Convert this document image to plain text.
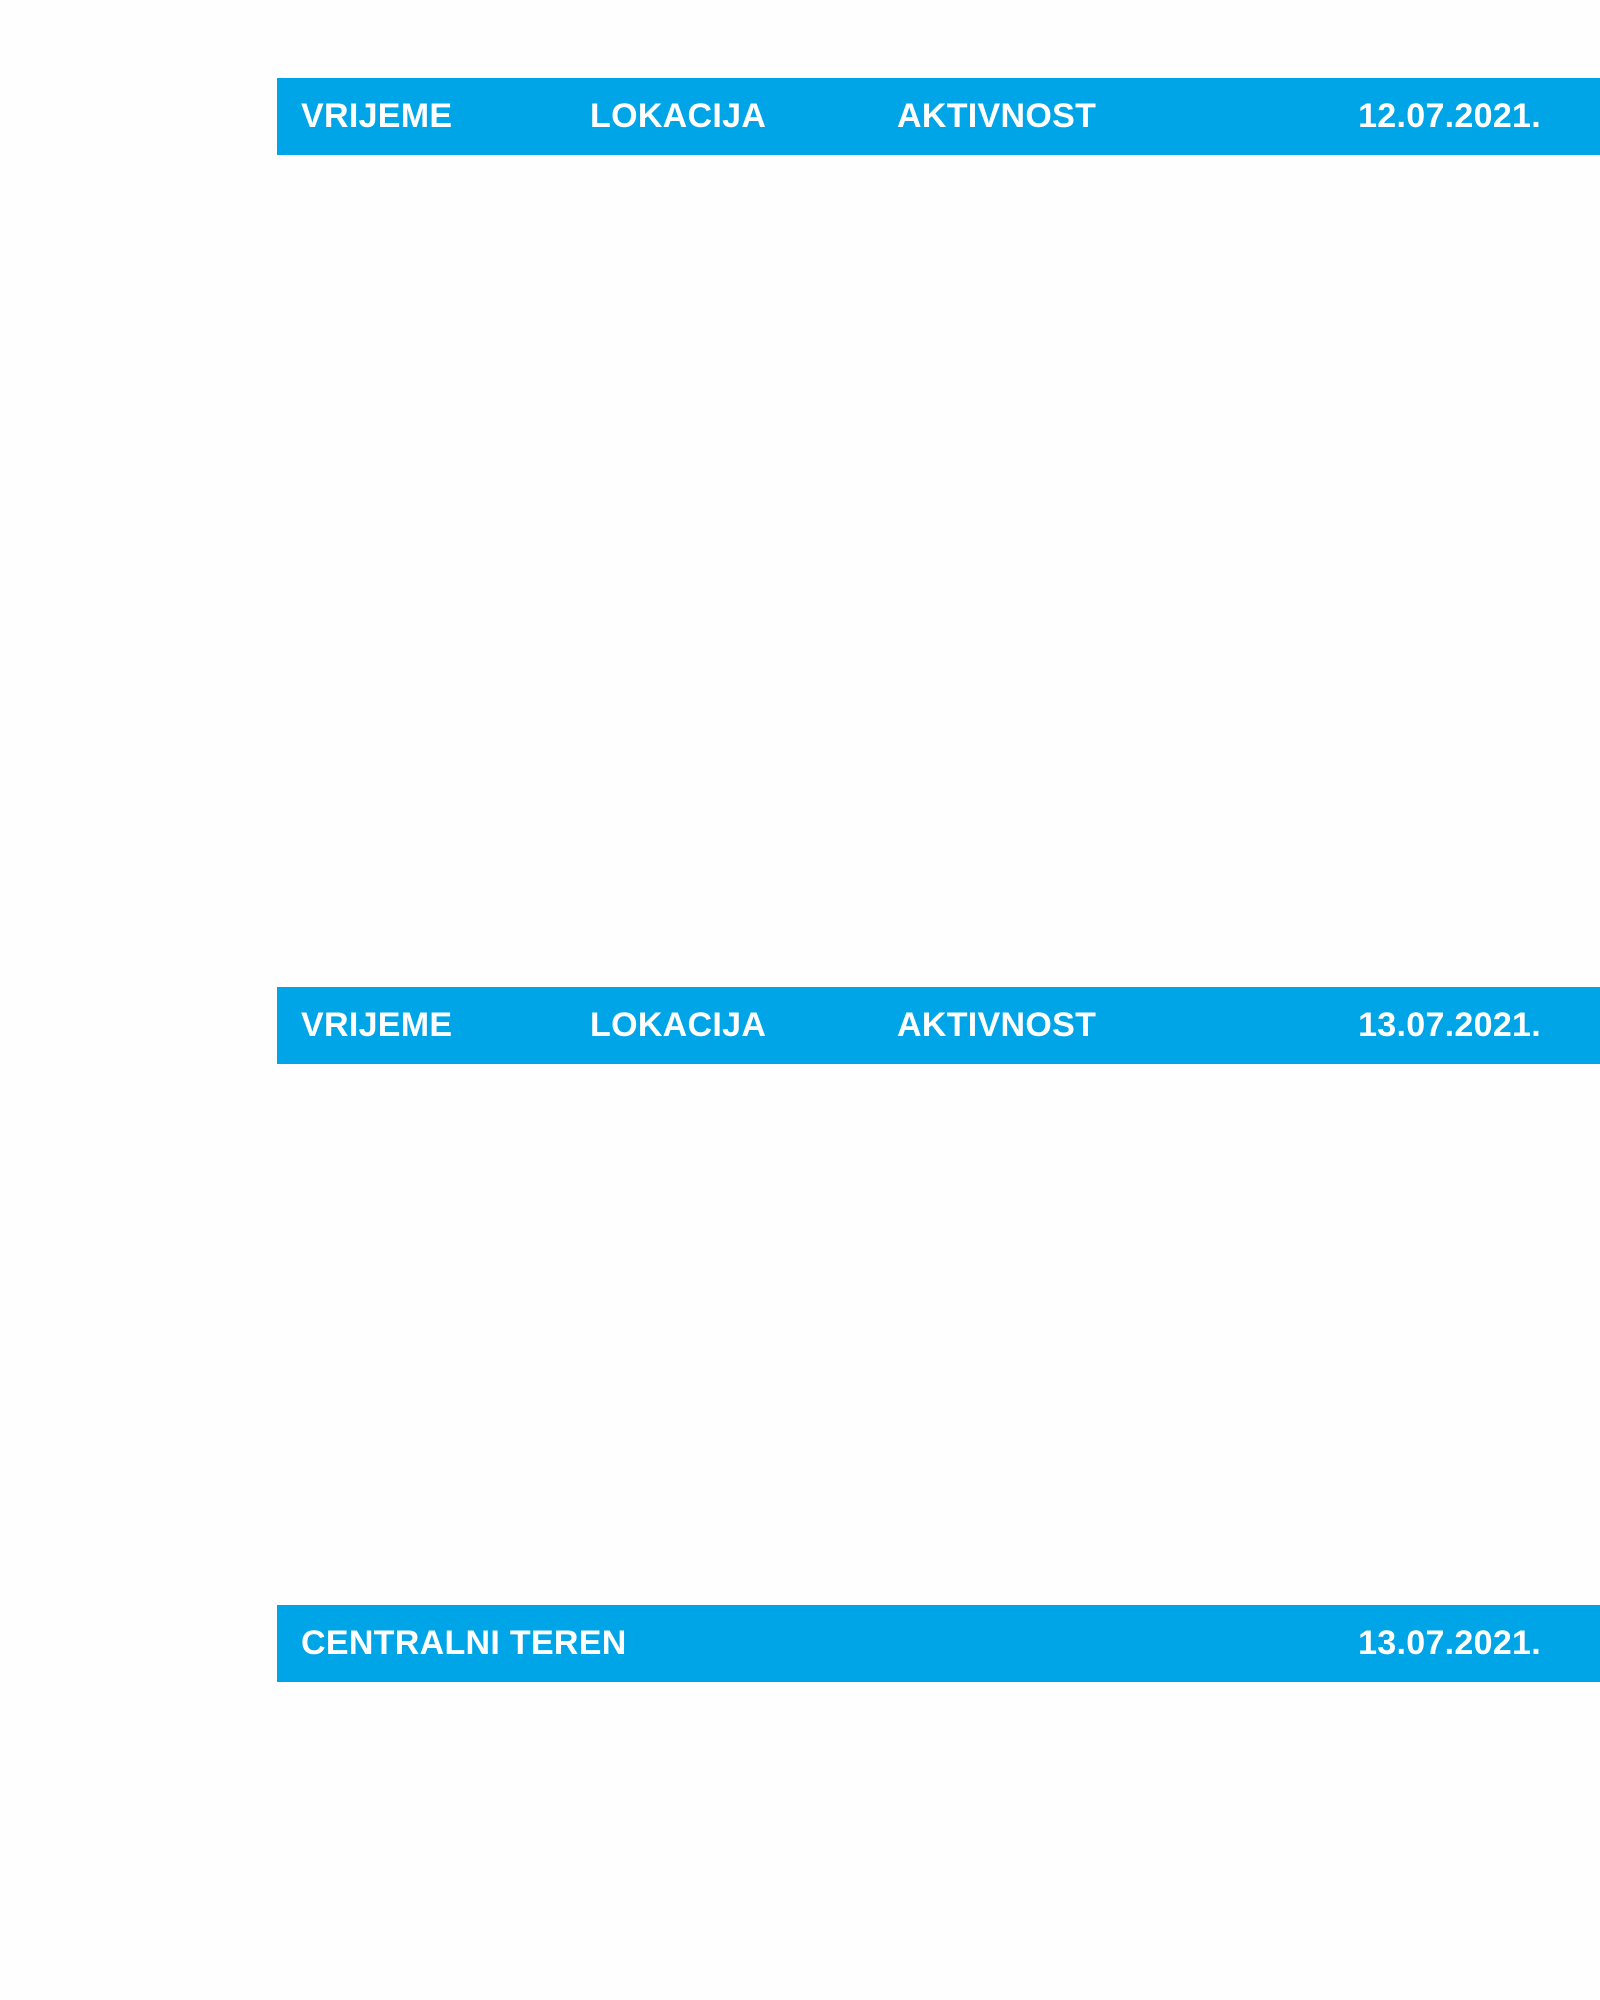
VRIJEME	LOKACIJA	AKTIVNOST	12.07.2021.
VRIJEME	LOKACIJA	AKTIVNOST	13.07.2021.
CENTRALNI TEREN	13.07.2021.
